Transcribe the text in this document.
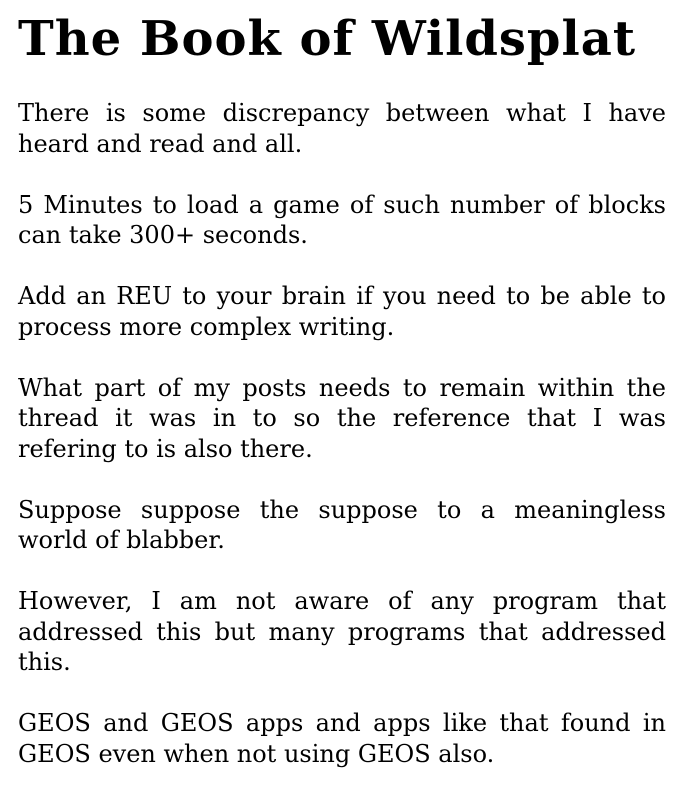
The Book of Wildsplat

There is some discrepancy between what I have heard and read and all.

5 Minutes to load a game of such number of blocks can take 300+ seconds.

Add an REU to your brain if you need to be able to process more complex writing.

What part of my posts needs to remain within the thread it was in to so the reference that I was refering to is also there.

Suppose suppose the suppose to a meaningless world of blabber.

However, I am not aware of any program that addressed this but many programs that addressed this.

GEOS and GEOS apps and apps like that found in GEOS even when not using GEOS also.
